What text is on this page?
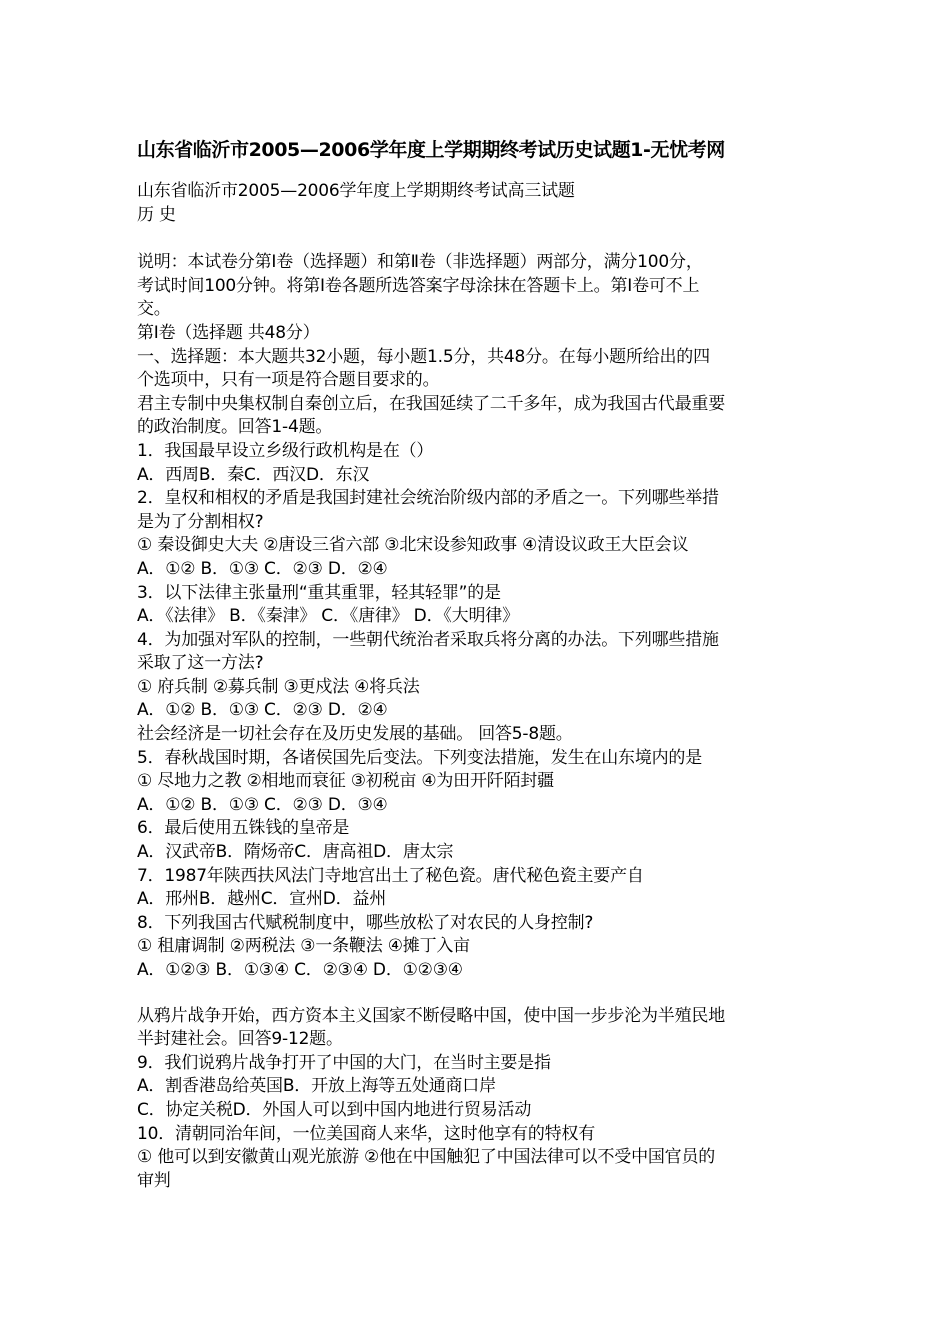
山东省临沂市2005—2006学年度上学期期终考试历史试题1-无忧考网
山东省临沂市2005—2006学年度上学期期终考试高三试题
历 史
说明：本试卷分第Ⅰ卷（选择题）和第Ⅱ卷（非选择题）两部分，满分100分，
考试时间100分钟。将第Ⅰ卷各题所选答案字母涂抹在答题卡上。第Ⅰ卷可不上
交。
第Ⅰ卷（选择题 共48分）
一、选择题：本大题共32小题，每小题1.5分，共48分。在每小题所给出的四
个选项中，只有一项是符合题目要求的。
君主专制中央集权制自秦创立后，在我国延续了二千多年，成为我国古代最重要
的政治制度。回答1-4题。
1．我国最早设立乡级行政机构是在（）
A．西周B．秦C．西汉D．东汉
2．皇权和相权的矛盾是我国封建社会统治阶级内部的矛盾之一。下列哪些举措
是为了分割相权?
① 秦设御史大夫 ②唐设三省六部 ③北宋设参知政事 ④清设议政王大臣会议
A．①② B．①③ C．②③ D．②④
3．以下法律主张量刑“重其重罪，轻其轻罪”的是
A．《法律》 B．《秦津》 C．《唐律》 D．《大明律》
4．为加强对军队的控制，一些朝代统治者采取兵将分离的办法。下列哪些措施
采取了这一方法?
① 府兵制 ②募兵制 ③更戍法 ④将兵法
A．①② B．①③ C．②③ D．②④
社会经济是一切社会存在及历史发展的基础。 回答5-8题。
5．春秋战国时期，各诸侯国先后变法。下列变法措施，发生在山东境内的是
① 尽地力之教 ②相地而衰征 ③初税亩 ④为田开阡陌封疆
A．①② B．①③ C．②③ D．③④
6．最后使用五铢钱的皇帝是
A．汉武帝B．隋炀帝C．唐高祖D．唐太宗
7．1987年陕西扶风法门寺地宫出土了秘色瓷。唐代秘色瓷主要产自
A．邢州B．越州C．宣州D．益州
8．下列我国古代赋税制度中，哪些放松了对农民的人身控制?
① 租庸调制 ②两税法 ③一条鞭法 ④摊丁入亩
A．①②③ B．①③④ C．②③④ D．①②③④
从鸦片战争开始，西方资本主义国家不断侵略中国，使中国一步步沦为半殖民地
半封建社会。回答9-12题。
9．我们说鸦片战争打开了中国的大门，在当时主要是指
A．割香港岛给英国B．开放上海等五处通商口岸
C．协定关税D．外国人可以到中国内地进行贸易活动
10．清朝同治年间，一位美国商人来华，这时他享有的特权有
① 他可以到安徽黄山观光旅游 ②他在中国触犯了中国法律可以不受中国官员的
审判
